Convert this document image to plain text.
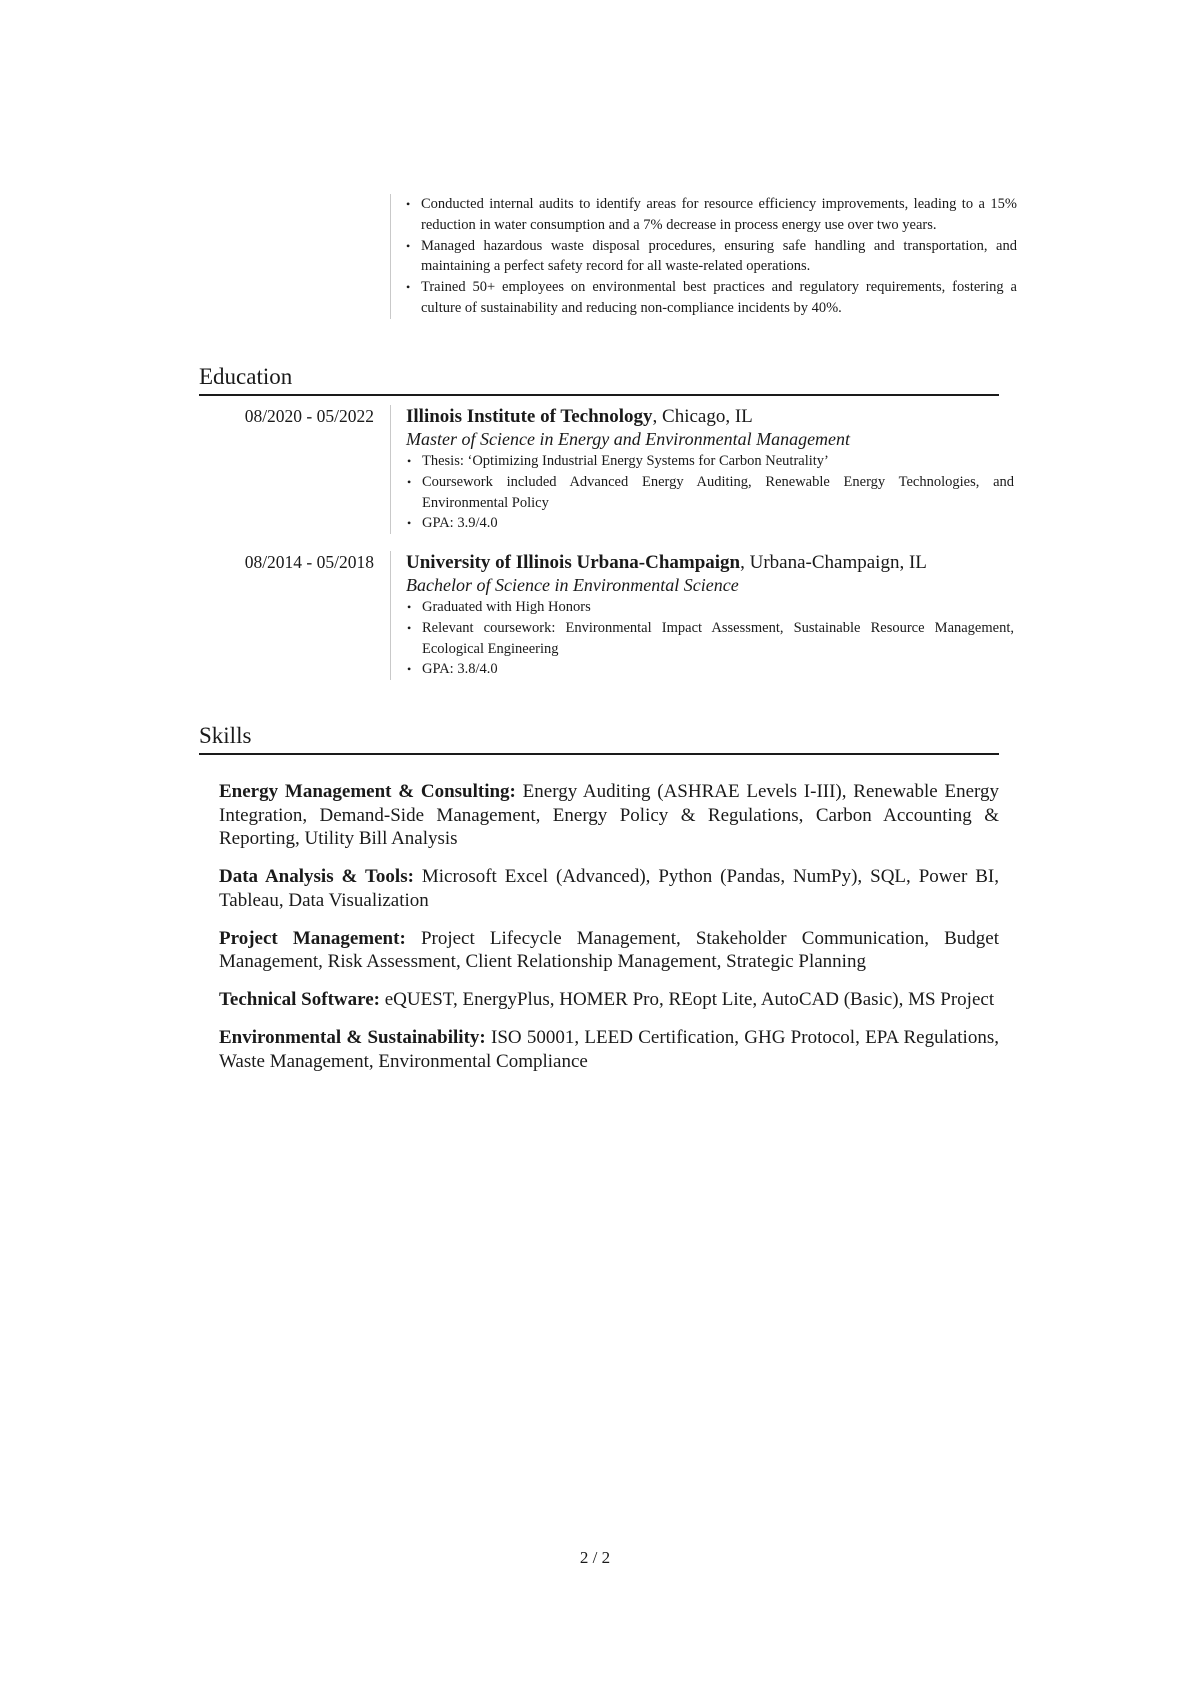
• Conducted internal audits to identify areas for resource efficiency improvements, leading to a 15% reduction in water consumption and a 7% decrease in process energy use over two years.
• Managed hazardous waste disposal procedures, ensuring safe handling and transportation, and maintaining a perfect safety record for all waste-related operations.
• Trained 50+ employees on environmental best practices and regulatory requirements, fostering a culture of sustainability and reducing non-compliance incidents by 40%.
Education
08/2020 - 05/2022 Illinois Institute of Technology, Chicago, IL
Master of Science in Energy and Environmental Management
• Thesis: ‘Optimizing Industrial Energy Systems for Carbon Neutrality’
• Coursework included Advanced Energy Auditing, Renewable Energy Technologies, and Environmental Policy
• GPA: 3.9/4.0
08/2014 - 05/2018 University of Illinois Urbana-Champaign, Urbana-Champaign, IL
Bachelor of Science in Environmental Science
• Graduated with High Honors
• Relevant coursework: Environmental Impact Assessment, Sustainable Resource Management, Ecological Engineering
• GPA: 3.8/4.0
Skills

Energy Management & Consulting: Energy Auditing (ASHRAE Levels I-III), Renewable Energy Integration, Demand-Side Management, Energy Policy & Regulations, Carbon Accounting & Reporting, Utility Bill Analysis

Data Analysis & Tools: Microsoft Excel (Advanced), Python (Pandas, NumPy), SQL, Power BI, Tableau, Data Visualization

Project Management: Project Lifecycle Management, Stakeholder Communication, Budget Management, Risk Assessment, Client Relationship Management, Strategic Planning

Technical Software: eQUEST, EnergyPlus, HOMER Pro, REopt Lite, AutoCAD (Basic), MS Project

Environmental & Sustainability: ISO 50001, LEED Certification, GHG Protocol, EPA Regulations, Waste Management, Environmental Compliance

2 / 2
